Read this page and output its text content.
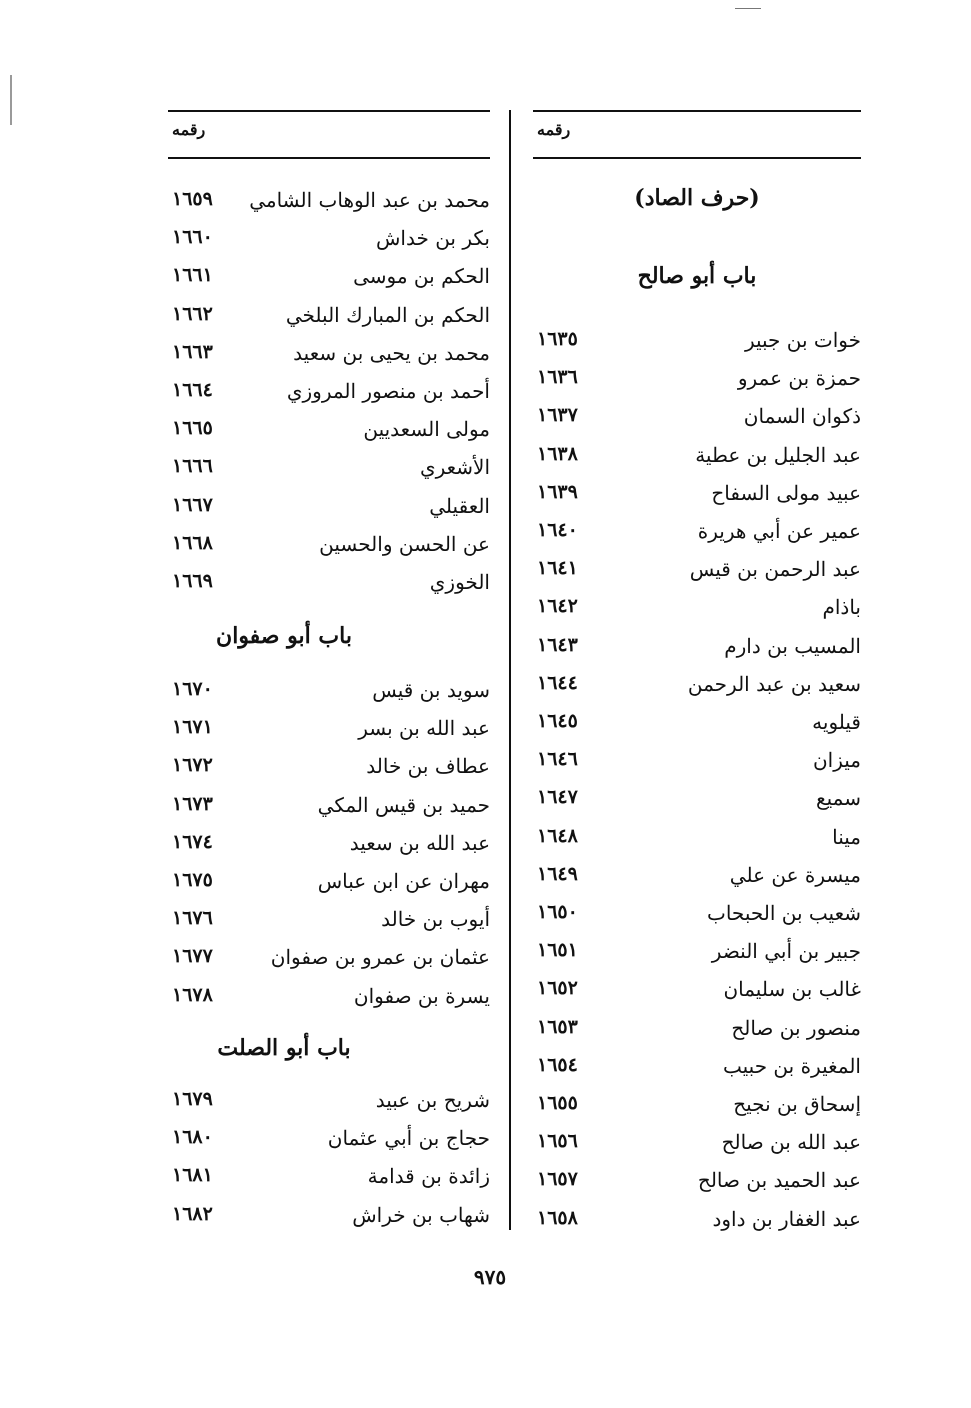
رقمه
(حرف الصاد)
باب أبو صالح
خوات بن جبير
١٦٣٥
حمزة بن عمرو
١٦٣٦
ذكوان السمان
١٦٣٧
عبد الجليل بن عطية
١٦٣٨
عبيد مولى السفاح
١٦٣٩
عمير عن أبي هريرة
١٦٤٠
عبد الرحمن بن قيس
١٦٤١
باذام
١٦٤٢
المسيب بن دارم
١٦٤٣
سعيد بن عبد الرحمن
١٦٤٤
قيلويه
١٦٤٥
ميزان
١٦٤٦
سميع
١٦٤٧
مينا
١٦٤٨
ميسرة عن علي
١٦٤٩
شعيب بن الحبحاب
١٦٥٠
جبير بن أبي النضر
١٦٥١
غالب بن سليمان
١٦٥٢
منصور بن صالح
١٦٥٣
المغيرة بن حبيب
١٦٥٤
إسحاق بن نجيح
١٦٥٥
عبد الله بن صالح
١٦٥٦
عبد الحميد بن صالح
١٦٥٧
عبد الغفار بن داود
١٦٥٨
رقمه
محمد بن عبد الوهاب الشامي
١٦٥٩
بكر بن خداش
١٦٦٠
الحكم بن موسى
١٦٦١
الحكم بن المبارك البلخي
١٦٦٢
محمد بن يحيى بن سعيد
١٦٦٣
أحمد بن منصور المروزي
١٦٦٤
مولى السعديين
١٦٦٥
الأشعري
١٦٦٦
العقيلي
١٦٦٧
عن الحسن والحسين
١٦٦٨
الخوزي
١٦٦٩
باب أبو صفوان
سويد بن قيس
١٦٧٠
عبد الله بن بسر
١٦٧١
عطاف بن خالد
١٦٧٢
حميد بن قيس المكي
١٦٧٣
عبد الله بن سعيد
١٦٧٤
مهران عن ابن عباس
١٦٧٥
أيوب بن خالد
١٦٧٦
عثمان بن عمرو بن صفوان
١٦٧٧
يسرة بن صفوان
١٦٧٨
باب أبو الصلت
شريح بن عبيد
١٦٧٩
حجاج بن أبي عثمان
١٦٨٠
زائدة بن قدامة
١٦٨١
شهاب بن خراش
١٦٨٢
٩٧٥
